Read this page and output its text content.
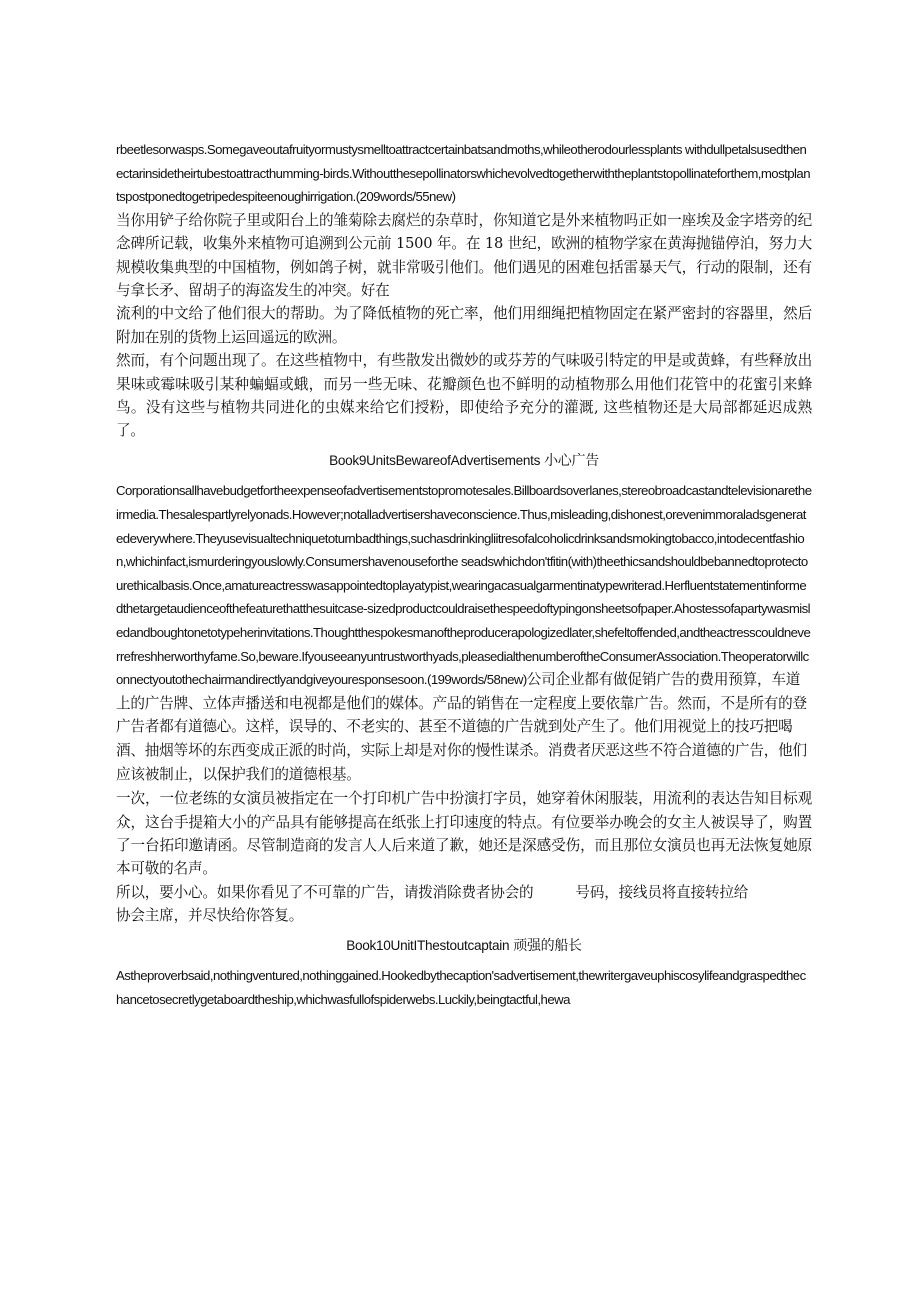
rbeetlesorwasps.Somegaveoutafruityormustysmelltoattractcertainbatsandmoths,whileotherodourlessplants withdullpetalsusedthenectarinsidetheirtubestoattracthumming-birds.Withoutthesepollinatorswhichevolvedtogetherwiththeplantstopollinateforthem,mostplantspostponedtogetripedespiteenoughirrigation.(209words/55new)

当你用铲子给你院子里或阳台上的雏菊除去腐烂的杂草时，你知道它是外来植物吗正如一座埃及金字塔旁的纪念碑所记载，收集外来植物可追溯到公元前 1500 年。在 18 世纪，欧洲的植物学家在黄海抛锚停泊，努力大规模收集典型的中国植物，例如鸽子树，就非常吸引他们。他们遇见的困难包括雷暴天气，行动的限制，还有与拿长矛、留胡子的海盗发生的冲突。好在

流利的中文给了他们很大的帮助。为了降低植物的死亡率，他们用细绳把植物固定在紧严密封的容器里，然后附加在别的货物上运回遥远的欧洲。

然而，有个问题出现了。在这些植物中，有些散发出微妙的或芬芳的气味吸引特定的甲是或黄蜂，有些释放出果味或霉味吸引某种蝙蝠或蛾，而另一些无味、花瓣颜色也不鲜明的动植物那么用他们花管中的花蜜引来蜂鸟。没有这些与植物共同进化的虫媒来给它们授粉，即使给予充分的灌溉, 这些植物还是大局部都延迟成熟了。

Book9UnitsBewareofAdvertisements 小心广告

Corporationsallhavebudgetfortheexpenseofadvertisementstopromotesales.Billboardsoverlanes,stereobroadcastandtelevisionaretheirmedia.Thesalespartlyrelyonads.However;notalladvertisershaveconscience.Thus,misleading,dishonest,orevenimmoraladsgeneratedeverywhere.Theyusevisualtechniquetoturnbadthings,suchasdrinkingliitresofalcoholicdrinksandsmokingtobacco,intodecentfashion,whichinfact,ismurderingyouslowly.Consumershavenouseforthe seadswhichdon'tfitin(with)theethicsandshouldbebannedtoprotectourethicalbasis.Once,amatureactresswasappointedtoplayatypist,wearingacasualgarmentinatypewriterad.Herfluentstatementinformedthetargetaudienceofthefeaturethatthesuitcase-sizedproductcouldraisethespeedoftypingonsheetsofpaper.Ahostessofapartywasmisledandboughtonetotypeherinvitations.Thoughtthespokesmanoftheproducerapologizedlater,shefeltoffended,andtheactresscouldneverrefreshherworthyfame.So,beware.Ifyouseeanyuntrustworthyads,pleasedialthenumberoftheConsumerAssociation.Theoperatorwillconnectyoutothechairmandirectlyandgiveyouresponsesoon.(199words/58new)公司企业都有做促销广告的费用预算，车道上的广告牌、立体声播送和电视都是他们的媒体。产品的销售在一定程度上要依靠广告。然而，不是所有的登广告者都有道德心。这样，误导的、不老实的、甚至不道德的广告就到处产生了。他们用视觉上的技巧把喝酒、抽烟等坏的东西变成正派的时尚，实际上却是对你的慢性谋杀。消费者厌恶这些不符合道德的广告，他们应该被制止，以保护我们的道德根基。

一次，一位老练的女演员被指定在一个打印机广告中扮演打字员，她穿着休闲服装，用流利的表达告知目标观众，这台手提箱大小的产品具有能够提高在纸张上打印速度的特点。有位要举办晚会的女主人被误导了，购置了一台拓印邀请函。尽管制造商的发言人人后来道了歉，她还是深感受伤，而且那位女演员也再无法恢复她原本可敬的名声。

所以，要小心。如果你看见了不可靠的广告，请拨消除费者协会的	号码，接线员将直接转拉给

协会主席，并尽快给你答复。

Book10UnitIThestoutcaptain 顽强的船长

Astheproverbsaid,nothingventured,nothinggained.Hookedbythecaption'sadvertisement,thewritergaveuphiscosylifeandgraspedthechancetosecretlygetaboardtheship,whichwasfullofspiderwebs.Luckily,beingtactful,hewa
